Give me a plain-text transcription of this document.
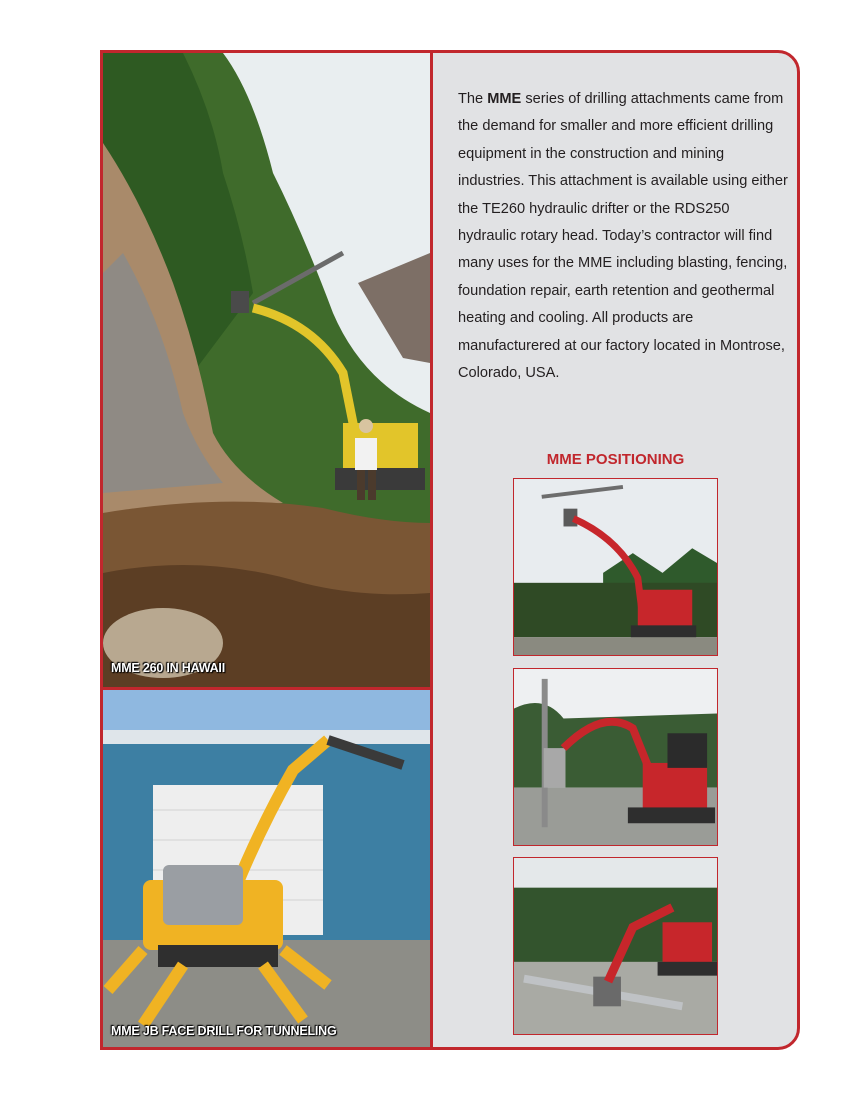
MME 260 IN HAWAII
MME JB FACE DRILL FOR TUNNELING
The MME series of drilling attachments came from the demand for smaller and more efficient drilling equipment in the construction and mining industries. This attachment is available using either the TE260 hydraulic drifter or the RDS250 hydraulic rotary head. Today’s contractor will find many uses for the MME including blasting, fencing, foundation repair, earth retention and geothermal heating and cooling. All products are manufacturered at our factory located in Montrose, Colorado, USA.
MME POSITIONING
